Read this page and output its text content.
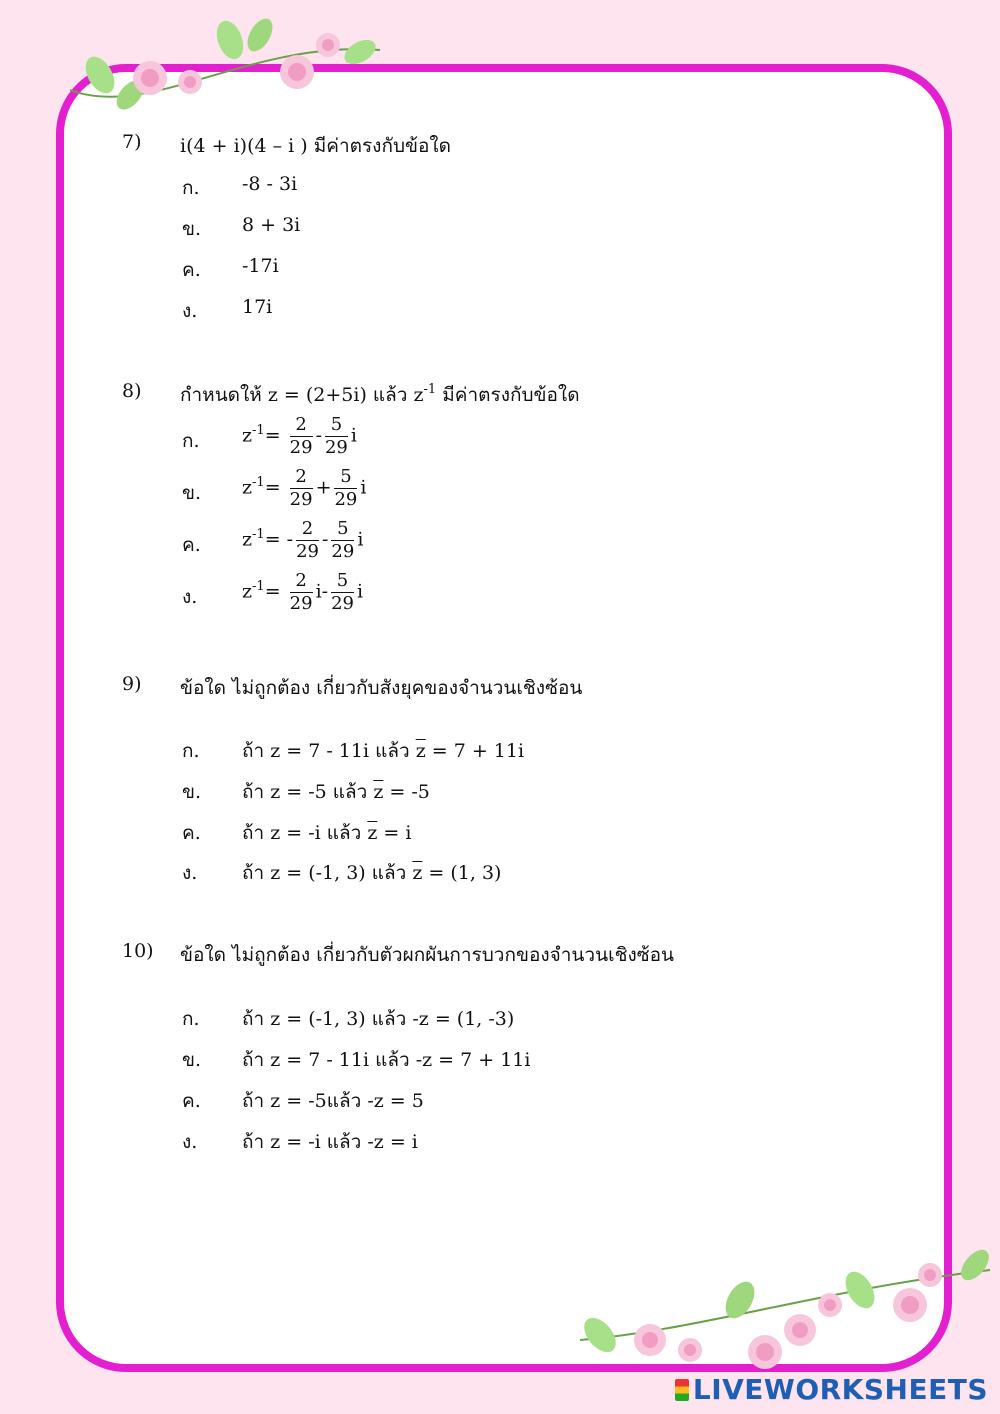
7) i(4 + i)(4 – i ) มีค่าตรงกับข้อใด
ก. -8 - 3i
ข. 8 + 3i
ค. -17i
ง. 17i
8) กำหนดให้ z = (2+5i) แล้ว $z^{-1}$ มีค่าตรงกับข้อใด
ก. $z^{-1}= \frac{2}{29} - \frac{5}{29}$ i
ข. $z^{-1}= \frac{2}{29} + \frac{5}{29}$ i
ค. $z^{-1}= - \frac{2}{29} - \frac{5}{29}$ i
ง. $z^{-1}= \frac{2}{29} i- \frac{5}{29}$ i
9) ข้อใด ไม่ถูกต้อง เกี่ยวกับสังยุคของจำนวนเชิงซ้อน
ก. ถ้า z = 7 - 11i แล้ว $\overline{z} = 7 + 11i$
ข. ถ้า z = -5 แล้ว $\overline{z} = -5$
ค. ถ้า z = -i แล้ว $\overline{z} = i$
ง. ถ้า z = (-1, 3) แล้ว $\overline{z} = (1$, 3)
10) ข้อใด ไม่ถูกต้อง เกี่ยวกับตัวผกผันการบวกของจำนวนเชิงซ้อน
ก. ถ้า z = (-1, 3) แล้ว -z = (1, -3)
ข. ถ้า z = 7 - 11i แล้ว -z = 7 + 11i
ค. ถ้า z = -5แล้ว -z = 5
ง. ถ้า z = -i แล้ว -z = i
LIVEWORKSHEETS
